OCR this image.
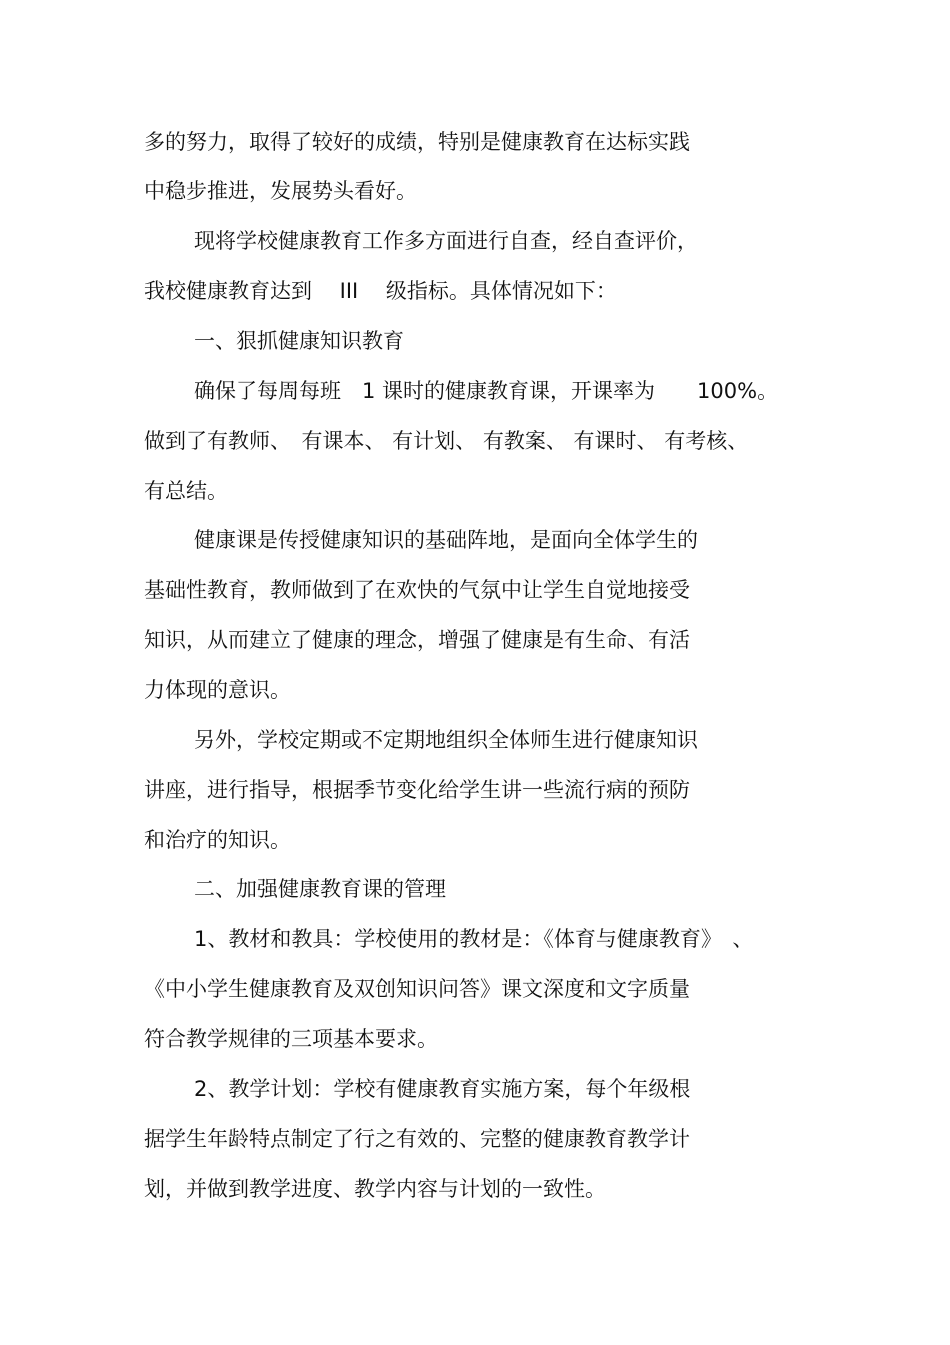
多的努力，取得了较好的成绩，特别是健康教育在达标实践
中稳步推进，发展势头看好。
现将学校健康教育工作多方面进行自查，经自查评价，
我校健康教育达到　 III　 级指标。具体情况如下：
一、狠抓健康知识教育
确保了每周每班　1 课时的健康教育课，开课率为　　100%。
做到了有教师、　有课本、 有计划、 有教案、 有课时、 有考核、
有总结。
健康课是传授健康知识的基础阵地，是面向全体学生的
基础性教育，教师做到了在欢快的气氛中让学生自觉地接受
知识，从而建立了健康的理念，增强了健康是有生命、有活
力体现的意识。
另外，学校定期或不定期地组织全体师生进行健康知识
讲座，进行指导，根据季节变化给学生讲一些流行病的预防
和治疗的知识。
二、加强健康教育课的管理
1、教材和教具：学校使用的教材是：《体育与健康教育》　、
《中小学生健康教育及双创知识问答》课文深度和文字质量
符合教学规律的三项基本要求。
2、教学计划：学校有健康教育实施方案，每个年级根
据学生年龄特点制定了行之有效的、完整的健康教育教学计
划，并做到教学进度、教学内容与计划的一致性。
